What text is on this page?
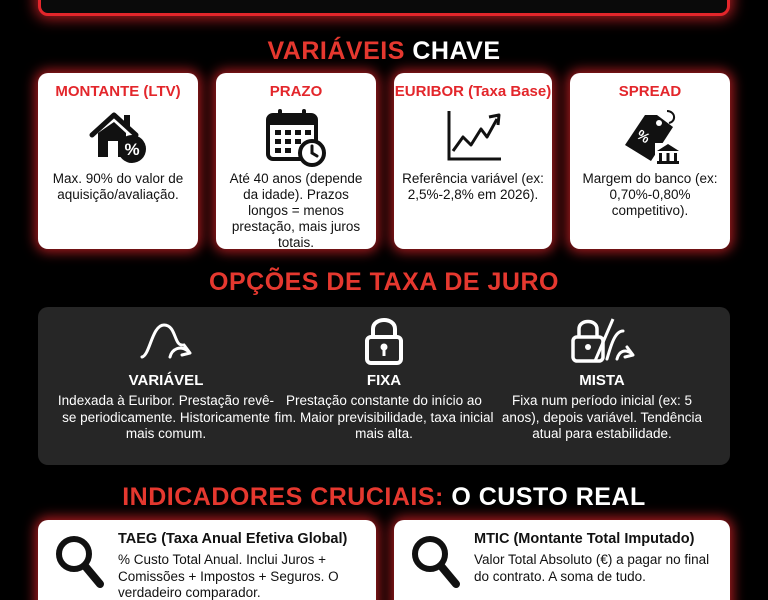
VARIÁVEIS CHAVE
MONTANTE (LTV)
%
Max. 90% do valor de aquisição/avaliação.
PRAZO
Até 40 anos (depende da idade). Prazos longos = menos prestação, mais juros totais.
EURIBOR (Taxa Base)
Referência variável (ex: 2,5%-2,8% em 2026).
SPREAD
%
Margem do banco (ex: 0,70%-0,80% competitivo).
OPÇÕES DE TAXA DE JURO
VARIÁVEL
Indexada à Euribor. Prestação revê-se periodicamente. Historicamente mais comum.
FIXA
Prestação constante do início ao fim. Maior previsibilidade, taxa inicial mais alta.
MISTA
Fixa num período inicial (ex: 5 anos), depois variável. Tendência atual para estabilidade.
INDICADORES CRUCIAIS: O CUSTO REAL
TAEG (Taxa Anual Efetiva Global)
% Custo Total Anual. Inclui Juros + Comissões + Impostos + Seguros. O verdadeiro comparador.
MTIC (Montante Total Imputado)
Valor Total Absoluto (€) a pagar no final do contrato. A soma de tudo.
